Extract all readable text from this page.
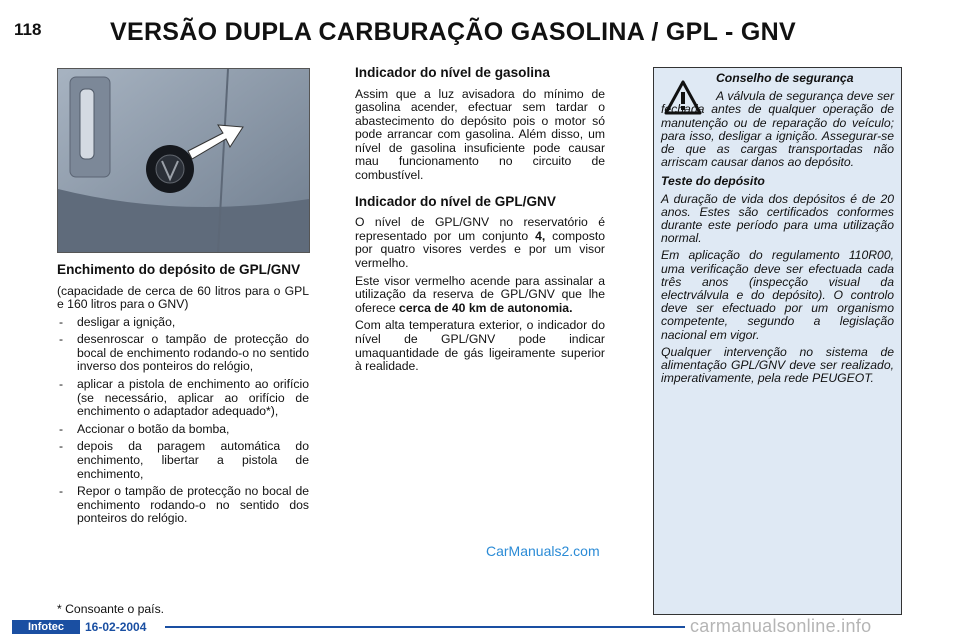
118	VERSÃO DUPLA CARBURAÇÃO GASOLINA / GPL - GNV
Enchimento do depósito de GPL/GNV

(capacidade de cerca de 60 litros para o GPL e 160 litros para o GNV)

- desligar a ignição,
- desenroscar o tampão de protecção do bocal de enchimento rodando-o no sentido inverso dos ponteiros do relógio,
- aplicar a pistola de enchimento ao orifício (se necessário, aplicar ao orifício de enchimento o adaptador adequado*),
- Accionar o botão da bomba,
- depois da paragem automática do enchimento, libertar a pistola de enchimento,
- Repor o tampão de protecção no bocal de enchimento rodando-o no sentido dos ponteiros do relógio.
* Consoante o país.
Indicador do nível de gasolina

Assim que a luz avisadora do mínimo de gasolina acender, efectuar sem tardar o abastecimento do depósito pois o motor só pode arrancar com gasolina. Além disso, um nível de gasolina insuficiente pode causar mau funcionamento no circuito de combustível.

Indicador do nível de GPL/GNV

O nível de GPL/GNV no reservatório é representado por um conjunto 4, composto por quatro visores verdes e por um visor vermelho.

Este visor vermelho acende para assinalar a utilização da reserva de GPL/GNV que lhe oferece cerca de 40 km de autonomia.

Com alta temperatura exterior, o indicador do nível de GPL/GNV pode indicar umaquantidade de gás ligeiramente superior à realidade.

CarManuals2.com
Conselho de segurança

A válvula de segurança deve ser fechada antes de qualquer operação de manutenção ou de reparação do veículo; para isso, desligar a ignição. Assegurar-se de que as cargas transportadas não arriscam causar danos ao depósito.

Teste do depósito

A duração de vida dos depósitos é de 20 anos. Estes são certificados conformes durante este período para uma utilização normal.

Em aplicação do regulamento 110R00, uma verificação deve ser efectuada cada três anos (inspecção visual da electrválvula e do depósito). O controlo deve ser efectuado por um organismo competente, segundo a legislação nacional em vigor.

Qualquer intervenção no sistema de alimentação GPL/GNV deve ser realizado, imperativamente, pela rede PEUGEOT.

Infotec	16-02-2004	carmanualsonline.info
